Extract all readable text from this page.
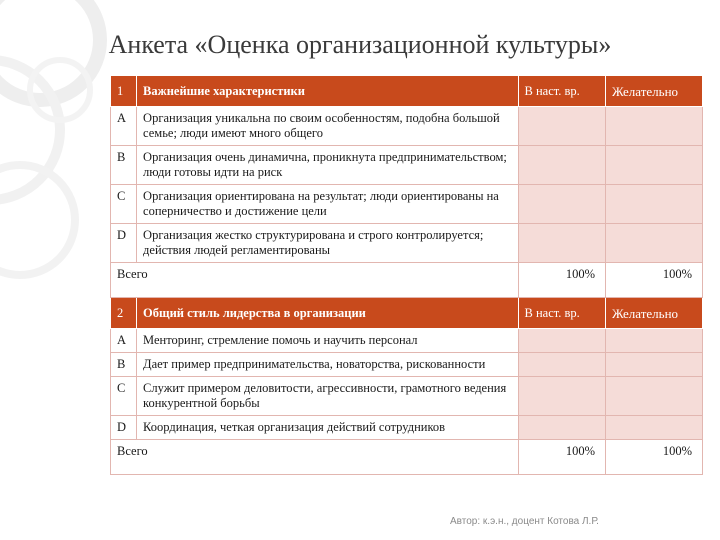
Анкета «Оценка организационной культуры»
1	Важнейшие характеристики	В наст. вр.	Желательно
A	Организация уникальна по своим особенностям, подобна большой семье; люди имеют много общего		
B	Организация очень динамична, проникнута предпринимательством; люди готовы идти на риск		
C	Организация ориентирована на результат; люди ориентированы на соперничество и достижение цели		
D	Организация жестко структурирована и строго контролируется; действия людей регламентированы		
Всего		100%	100%
2	Общий стиль лидерства в организации	В наст. вр.	Желательно
A	Менторинг, стремление помочь и научить персонал		
B	Дает пример предпринимательства, новаторства, рискованности		
C	Служит примером деловитости, агрессивности, грамотного ведения конкурентной борьбы		
D	Координация, четкая организация действий сотрудников		
Всего		100%	100%
Автор: к.э.н., доцент Котова Л.Р.
